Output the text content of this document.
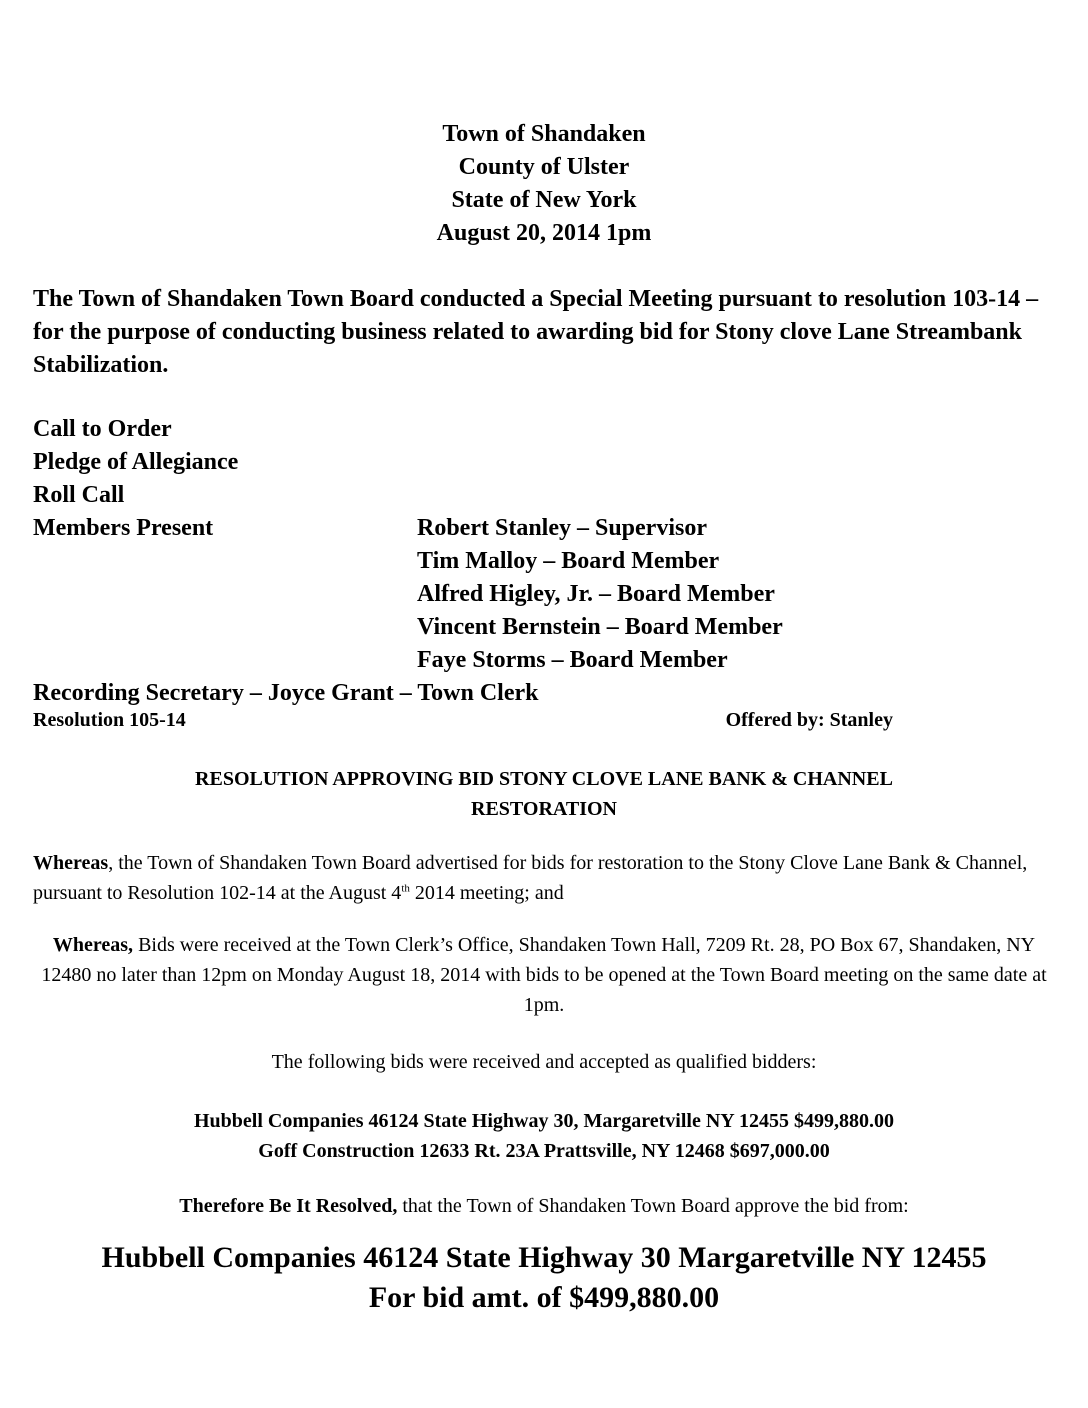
Town of Shandaken
County of Ulster
State of New York
August 20, 2014 1pm

The Town of Shandaken Town Board conducted a Special Meeting pursuant to resolution 103-14 – for the purpose of conducting business related to awarding bid for Stony clove Lane Streambank Stabilization.

Call to Order
Pledge of Allegiance
Roll Call
Members Present	Robert Stanley – Supervisor
Tim Malloy – Board Member
Alfred Higley, Jr. – Board Member
Vincent Bernstein – Board Member
Faye Storms – Board Member
Recording Secretary – Joyce Grant – Town Clerk
Resolution 105-14	Offered by: Stanley
RESOLUTION APPROVING BID STONY CLOVE LANE BANK & CHANNEL
RESTORATION

Whereas, the Town of Shandaken Town Board advertised for bids for restoration to the Stony Clove Lane Bank & Channel, pursuant to Resolution 102-14 at the August 4th 2014 meeting; and

Whereas, Bids were received at the Town Clerk’s Office, Shandaken Town Hall, 7209 Rt. 28, PO Box 67, Shandaken, NY 12480 no later than 12pm on Monday August 18, 2014 with bids to be opened at the Town Board meeting on the same date at 1pm.

The following bids were received and accepted as qualified bidders:

Hubbell Companies 46124 State Highway 30, Margaretville NY 12455 $499,880.00
Goff Construction 12633 Rt. 23A Prattsville, NY 12468 $697,000.00

Therefore Be It Resolved, that the Town of Shandaken Town Board approve the bid from:

Hubbell Companies 46124 State Highway 30 Margaretville NY 12455
For bid amt. of $499,880.00
